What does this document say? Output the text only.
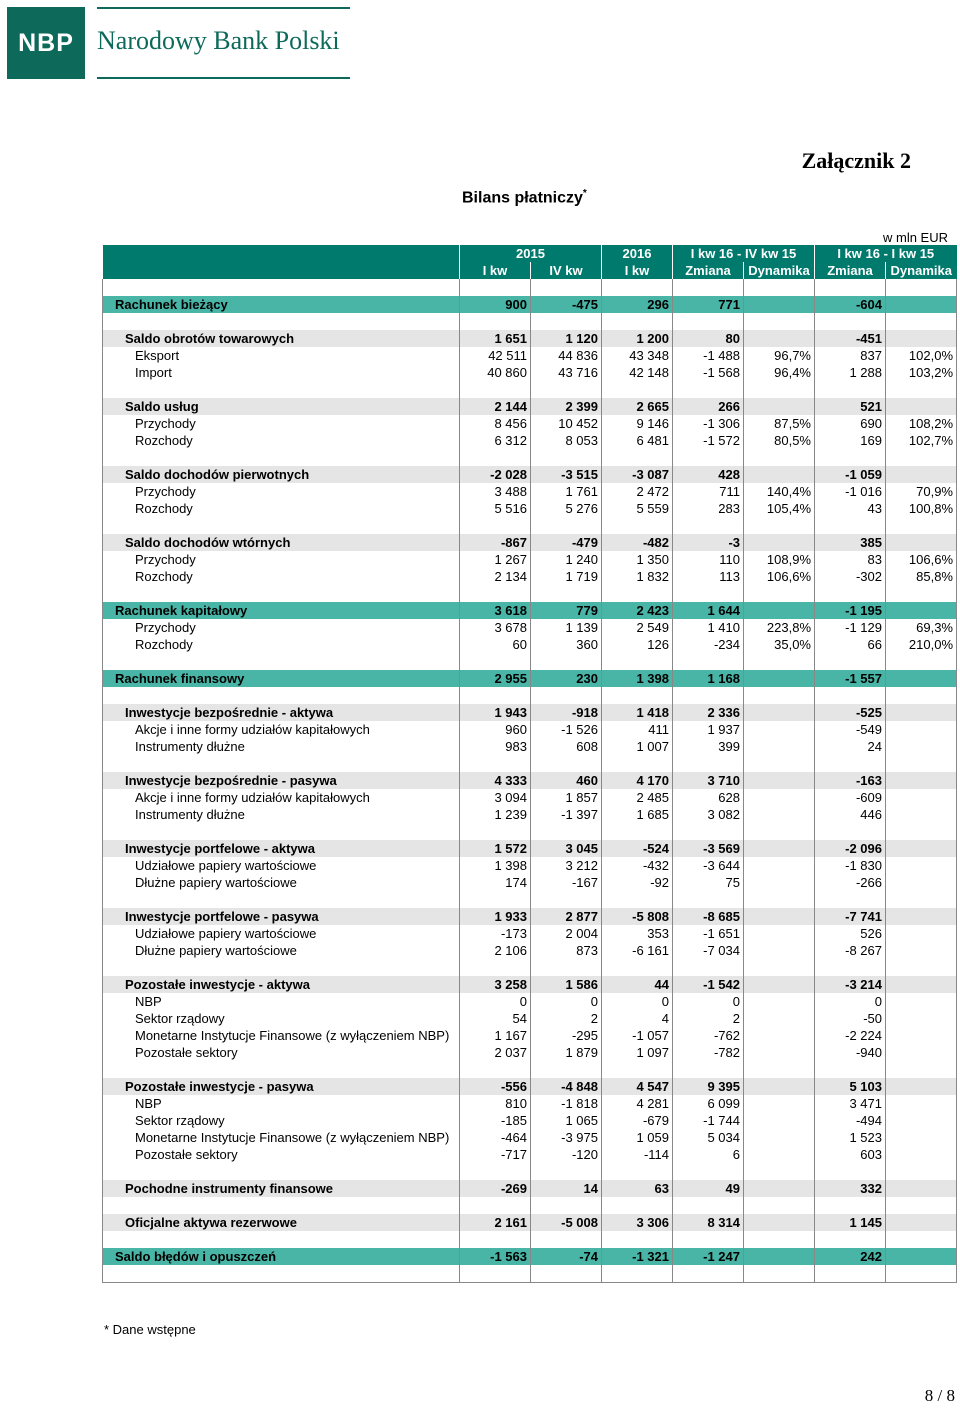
NBP Narodowy Bank Polski
Załącznik 2
Bilans płatniczy*
w mln EUR
	2015		2016	I kw 16 - IV kw 15		I kw 16 - I kw 15	
	I kw	IV kw	I kw	Zmiana	Dynamika	Zmiana	Dynamika

Rachunek bieżący	900	-475	296	771		-604	

Saldo obrotów towarowych	1 651	1 120	1 200	80		-451	
Eksport	42 511	44 836	43 348	-1 488	96,7%	837	102,0%
Import	40 860	43 716	42 148	-1 568	96,4%	1 288	103,2%

Saldo usług	2 144	2 399	2 665	266		521	
Przychody	8 456	10 452	9 146	-1 306	87,5%	690	108,2%
Rozchody	6 312	8 053	6 481	-1 572	80,5%	169	102,7%

Saldo dochodów pierwotnych	-2 028	-3 515	-3 087	428		-1 059	
Przychody	3 488	1 761	2 472	711	140,4%	-1 016	70,9%
Rozchody	5 516	5 276	5 559	283	105,4%	43	100,8%

Saldo dochodów wtórnych	-867	-479	-482	-3		385	
Przychody	1 267	1 240	1 350	110	108,9%	83	106,6%
Rozchody	2 134	1 719	1 832	113	106,6%	-302	85,8%

Rachunek kapitałowy	3 618	779	2 423	1 644		-1 195	
Przychody	3 678	1 139	2 549	1 410	223,8%	-1 129	69,3%
Rozchody	60	360	126	-234	35,0%	66	210,0%

Rachunek finansowy	2 955	230	1 398	1 168		-1 557	

Inwestycje bezpośrednie - aktywa	1 943	-918	1 418	2 336		-525	
Akcje i inne formy udziałów kapitałowych	960	-1 526	411	1 937		-549	
Instrumenty dłużne	983	608	1 007	399		24	

Inwestycje bezpośrednie - pasywa	4 333	460	4 170	3 710		-163	
Akcje i inne formy udziałów kapitałowych	3 094	1 857	2 485	628		-609	
Instrumenty dłużne	1 239	-1 397	1 685	3 082		446	

Inwestycje portfelowe - aktywa	1 572	3 045	-524	-3 569		-2 096	
Udziałowe papiery wartościowe	1 398	3 212	-432	-3 644		-1 830	
Dłużne papiery wartościowe	174	-167	-92	75		-266	

Inwestycje portfelowe - pasywa	1 933	2 877	-5 808	-8 685		-7 741	
Udziałowe papiery wartościowe	-173	2 004	353	-1 651		526	
Dłużne papiery wartościowe	2 106	873	-6 161	-7 034		-8 267	

Pozostałe inwestycje - aktywa	3 258	1 586	44	-1 542		-3 214	
NBP	0	0	0	0		0	
Sektor rządowy	54	2	4	2		-50	
Monetarne Instytucje Finansowe (z wyłączeniem NBP)	1 167	-295	-1 057	-762		-2 224	
Pozostałe sektory	2 037	1 879	1 097	-782		-940	

Pozostałe inwestycje - pasywa	-556	-4 848	4 547	9 395		5 103	
NBP	810	-1 818	4 281	6 099		3 471	
Sektor rządowy	-185	1 065	-679	-1 744		-494	
Monetarne Instytucje Finansowe (z wyłączeniem NBP)	-464	-3 975	1 059	5 034		1 523	
Pozostałe sektory	-717	-120	-114	6		603	

Pochodne instrumenty finansowe	-269	14	63	49		332	

Oficjalne aktywa rezerwowe	2 161	-5 008	3 306	8 314		1 145	

Saldo błędów i opuszczeń	-1 563	-74	-1 321	-1 247		242	

* Dane wstępne
8 / 8
